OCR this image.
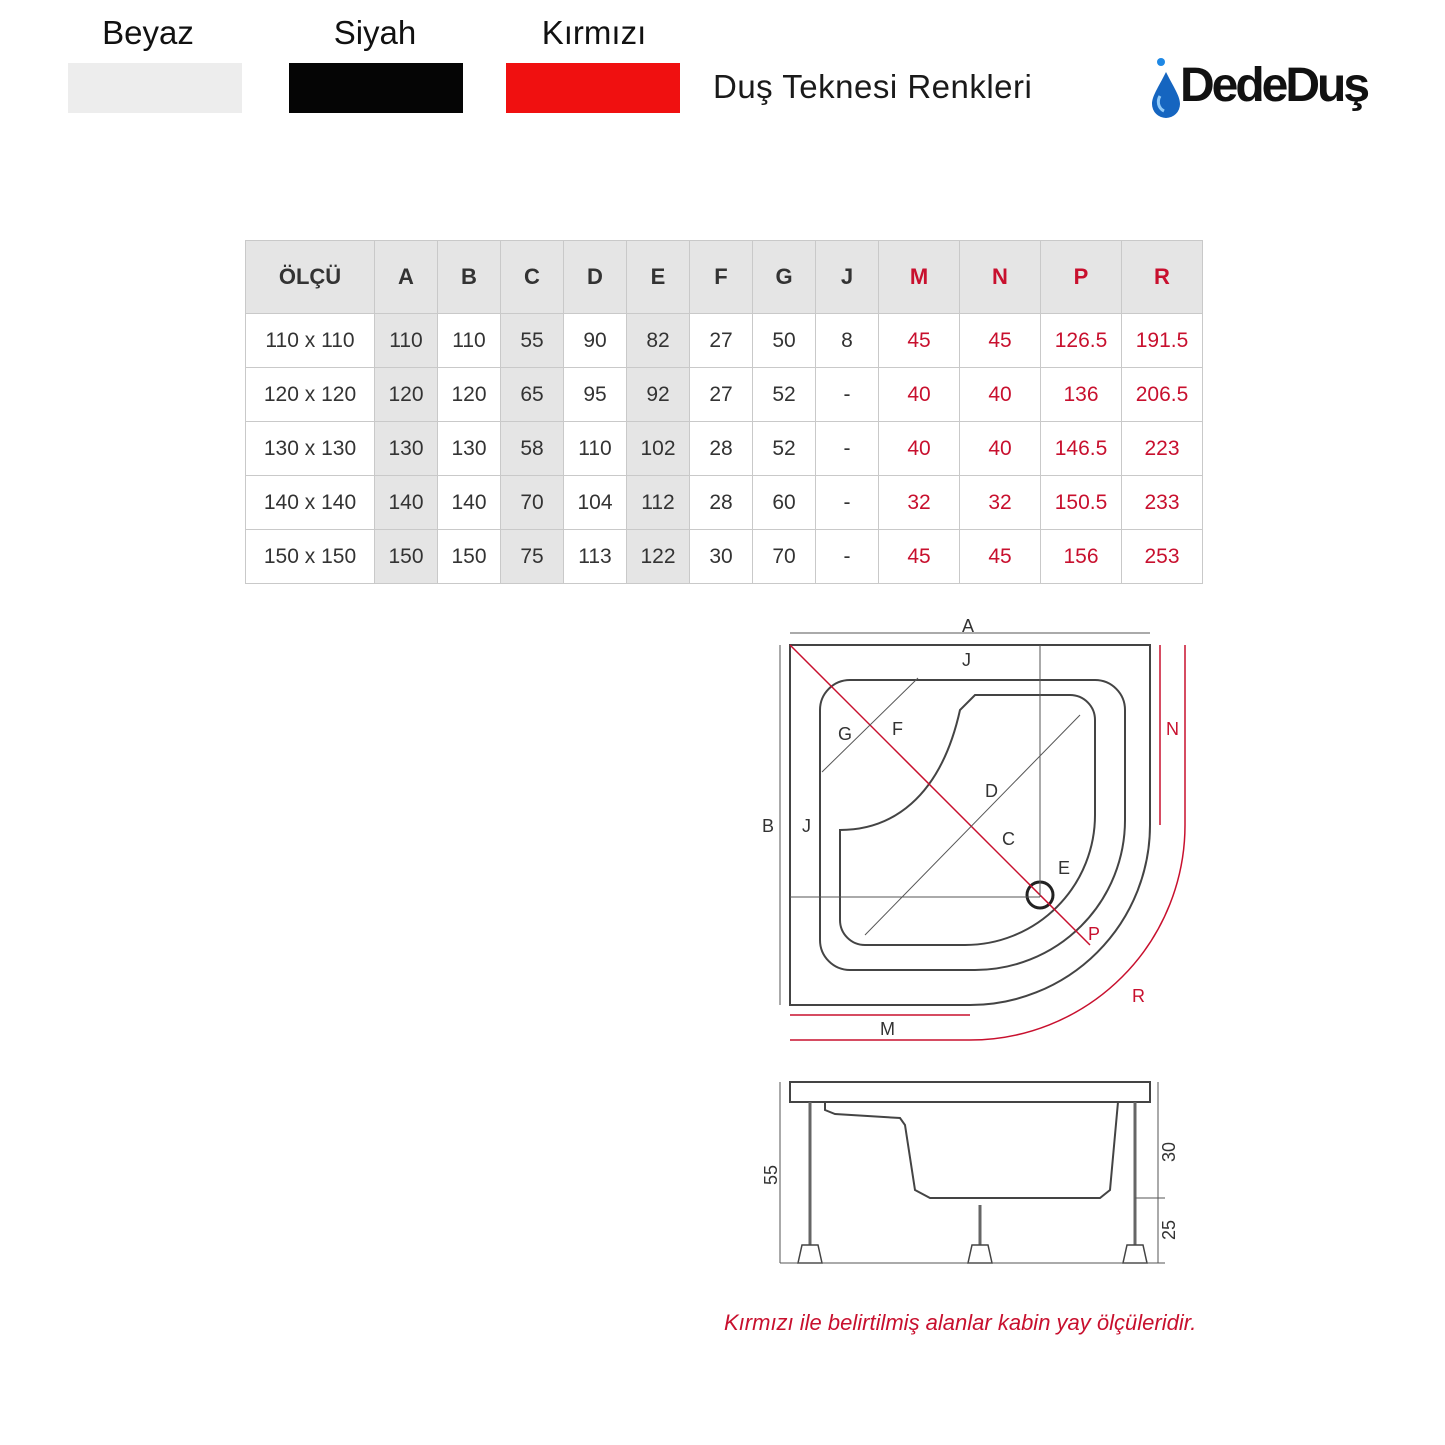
Beyaz	Siyah	Kırmızı
Duş Teknesi Renkleri	DedeDuş
ÖLÇÜ	A	B	C	D	E	F	G	J	M	N	P	R
110 x 110	110	110	55	90	82	27	50	8	45	45	126.5	191.5
120 x 120	120	120	65	95	92	27	52	-	40	40	136	206.5
130 x 130	130	130	58	110	102	28	52	-	40	40	146.5	223
140 x 140	140	140	70	104	112	28	60	-	32	32	150.5	233
150 x 150	150	150	75	113	122	30	70	-	45	45	156	253
A
J
B J
G F
D
C
E
P
N
R
M
55
30
25
Kırmızı ile belirtilmiş alanlar kabin yay ölçüleridir.
